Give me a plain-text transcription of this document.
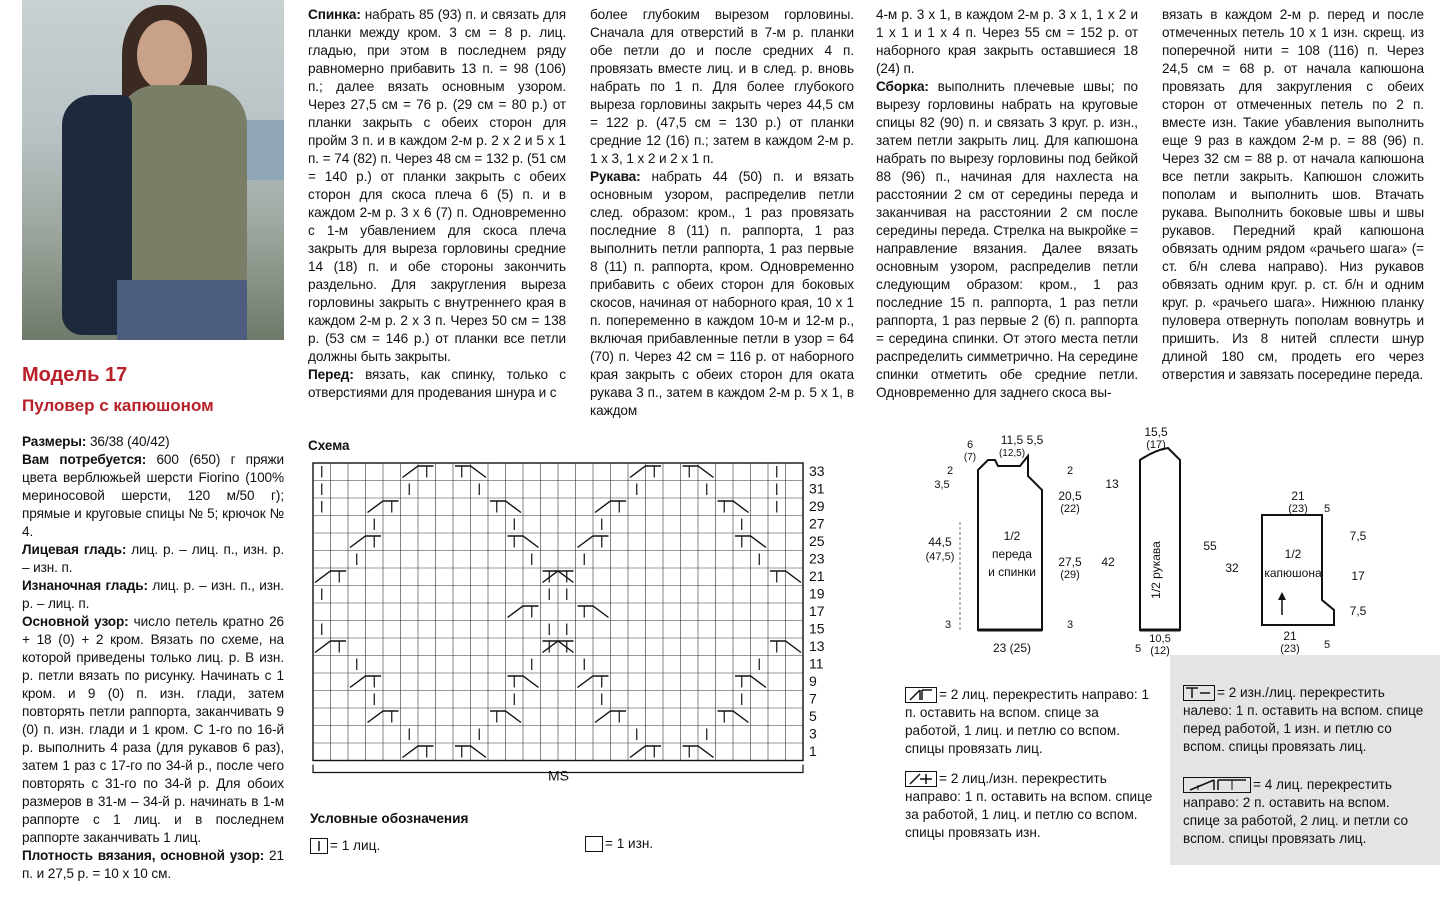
Модель 17
Пуловер с капюшоном

Размеры: 36/38 (40/42)

Вам потребуется: 600 (650) г пряжи цвета верблюжьей шерсти Fiorino (100% мериносовой шерсти, 120 м/50 г); прямые и круговые спицы № 5; крючок № 4.

Лицевая гладь: лиц. р. – лиц. п., изн. р. – изн. п.

Изнаночная гладь: лиц. р. – изн. п., изн. р. – лиц. п.

Основной узор: число петель кратно 26 + 18 (0) + 2 кром. Вязать по схеме, на которой приведены только лиц. р. В изн. р. петли вязать по рисунку. Начинать с 1 кром. и 9 (0) п. изн. глади, затем повторять петли раппорта, заканчивать 9 (0) п. изн. глади и 1 кром. С 1-го по 16-й р. выполнить 4 раза (для рукавов 6 раз), затем 1 раз с 17-го по 34-й р., после чего повторять с 31-го по 34-й р. Для обоих размеров в 31-м – 34-й р. начинать в 1-м раппорте с 1 лиц. и в последнем раппорте заканчивать 1 лиц.

Плотность вязания, основной узор: 21 п. и 27,5 р. = 10 x 10 см.

Спинка: набрать 85 (93) п. и связать для планки между кром. 3 см = 8 р. лиц. гладью, при этом в последнем ряду равномерно прибавить 13 п. = 98 (106) п.; далее вязать основным узором. Через 27,5 см = 76 р. (29 см = 80 р.) от планки закрыть с обеих сторон для пройм 3 п. и в каждом 2-м р. 2 x 2 и 5 x 1 п. = 74 (82) п. Через 48 см = 132 р. (51 см = 140 р.) от планки закрыть с обеих сторон для скоса плеча 6 (5) п. и в каждом 2-м р. 3 x 6 (7) п. Одновременно с 1-м убавлением для скоса плеча закрыть для выреза горловины средние 14 (18) п. и обе стороны закончить раздельно. Для закругления выреза горловины закрыть с внутреннего края в каждом 2-м р. 2 x 3 п. Через 50 см = 138 р. (53 см = 146 р.) от планки все петли должны быть закрыты.

Перед: вязать, как спинку, только с отверстиями для продевания шнура и с

более глубоким вырезом горловины. Сначала для отверстий в 7-м р. планки обе петли до и после средних 4 п. провязать вместе лиц. и в след. р. вновь набрать по 1 п. Для более глубокого выреза горловины закрыть через 44,5 см = 122 р. (47,5 см = 130 р.) от планки средние 12 (16) п.; затем в каждом 2-м р. 1 x 3, 1 x 2 и 2 x 1 п.

Рукава: набрать 44 (50) п. и вязать основным узором, распределив петли след. образом: кром., 1 раз провязать последние 8 (11) п. раппорта, 1 раз выполнить петли раппорта, 1 раз первые 8 (11) п. раппорта, кром. Одновременно прибавить с обеих сторон для боковых скосов, начиная от наборного края, 10 x 1 п. попеременно в каждом 10-м и 12-м р., включая прибавленные петли в узор = 64 (70) п. Через 42 см = 116 р. от наборного края закрыть с обеих сторон для оката рукава 3 п., затем в каждом 2-м р. 5 x 1, в каждом

4-м р. 3 x 1, в каждом 2-м р. 3 x 1, 1 x 2 и 1 x 1 и 1 x 4 п. Через 55 см = 152 р. от наборного края закрыть оставшиеся 18 (24) п.

Сборка: выполнить плечевые швы; по вырезу горловины набрать на круговые спицы 82 (90) п. и связать 3 круг. р. изн., затем петли закрыть лиц. Для капюшона набрать по вырезу горловины под бейкой 88 (96) п., начиная для нахлеста на расстоянии 2 см от середины переда и заканчивая на расстоянии 2 см после середины переда. Стрелка на выкройке = направление вязания. Далее вязать основным узором, распределив петли следующим образом: кром., 1 раз последние 15 п. раппорта, 1 раз петли раппорта, 1 раз первые 2 (6) п. раппорта = середина спинки. От этого места петли распределить симметрично. На середине спинки отметить обе средние петли. Одновременно для заднего скоса вы-

вязать в каждом 2-м р. перед и после отмеченных петель 10 x 1 изн. скрещ. из поперечной нити = 108 (116) п. Через 24,5 см = 68 р. от начала капюшона провязать для закругления с обеих сторон от отмеченных петель по 2 п. вместе изн. Такие убавления выполнить еще 9 раз в каждом 2-м р. = 88 (96) п. Через 32 см = 88 р. от начала капюшона все петли закрыть. Капюшон сложить пополам и выполнить шов. Втачать рукава. Выполнить боковые швы и швы рукавов. Передний край капюшона обвязать одним рядом «рачьего шага» (= ст. б/н слева направо). Низ рукавов обвязать одним круг. р. ст. б/н и одним круг. р. «рачьего шага». Нижнюю планку пуловера отвернуть пополам вовнутрь и пришить. Из 8 нитей сплести шнур длиной 180 см, продеть его через отверстия и завязать посередине переда.

Схема
33
31
29
27
25
23
21
19
17
15
13
11
9
7
5
3
1
MS
Условные обозначения
= 1 лиц.	= 1 изн.
= 2 лиц. перекрестить направо: 1 п. оставить на вспом. спице за работой, 1 лиц. и петлю со вспом. спицы провязать лиц.
= 2 лиц./изн. перекрестить направо: 1 п. оставить на вспом. спице за работой, 1 лиц. и петлю со вспом. спицы провязать изн.
= 2 изн./лиц. перекрестить налево: 1 п. оставить на вспом. спице перед работой, 1 изн. и петлю со вспом. спицы провязать лиц.
= 4 лиц. перекрестить направо: 2 п. оставить на вспом. спице за работой, 2 лиц. и петли со вспом. спицы провязать лиц.
6
(7)
11,5
(12,5)
5,5
2
3,5
44,5
(47,5)
3
2
20,5
(22)
27,5
(29)
3
13
42
1/2
переда
и спинки
23 (25)
15,5
(17)
1/2 рукава	55
10,5
(12)
5
21
(23) 5
7,5
17
7,5
32
1/2
капюшона
21
(23) 5
